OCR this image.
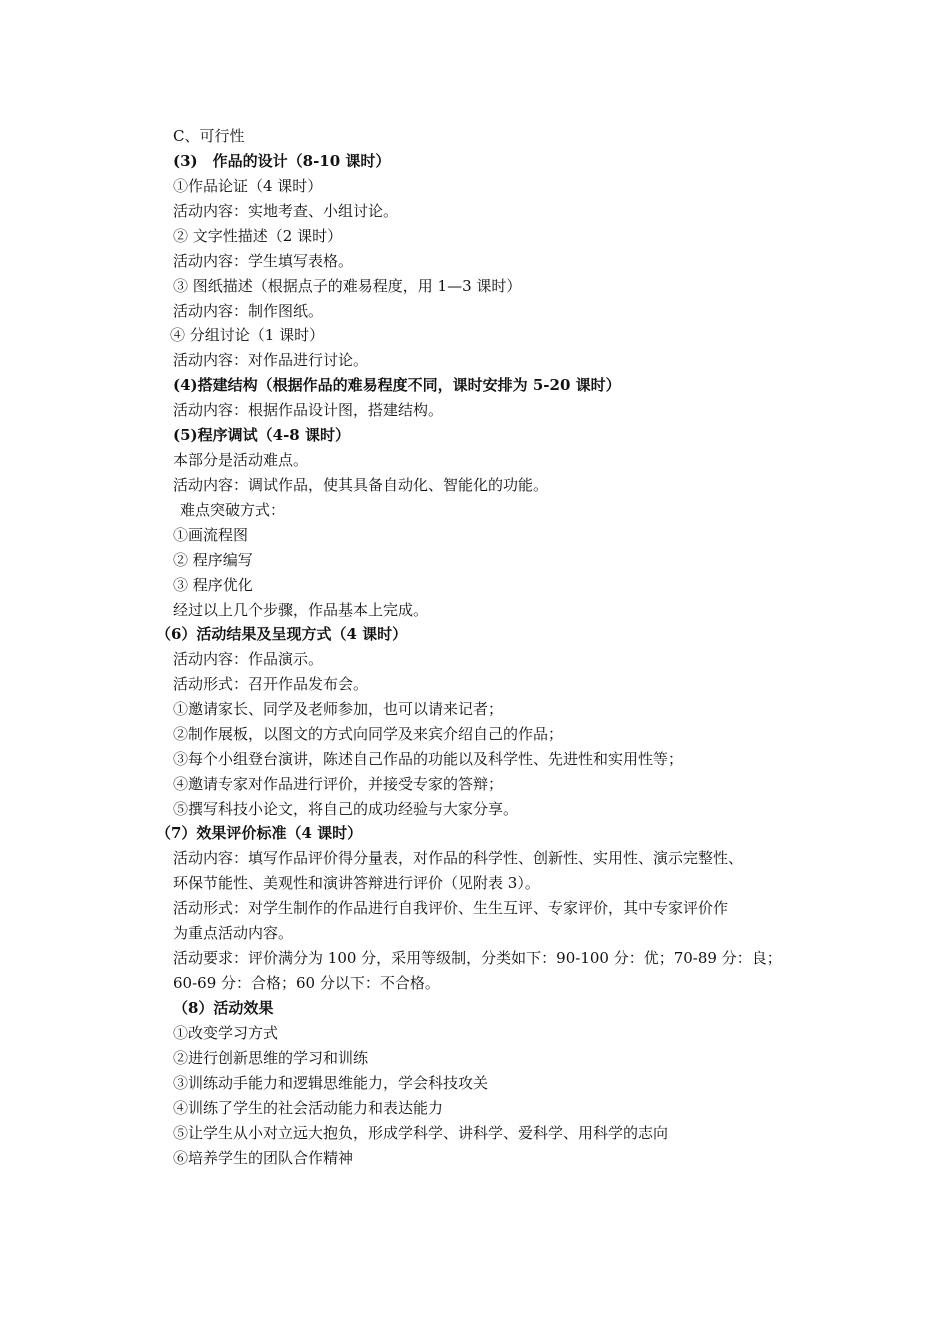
C、可行性
(3)　作品的设计（8-10 课时）
①作品论证（4 课时）
活动内容：实地考查、小组讨论。
② 文字性描述（2 课时）
活动内容：学生填写表格。
③ 图纸描述（根据点子的难易程度，用 1—3 课时）
活动内容：制作图纸。
④ 分组讨论（1 课时）
活动内容：对作品进行讨论。
(4)搭建结构（根据作品的难易程度不同，课时安排为 5-20 课时）
活动内容：根据作品设计图，搭建结构。
(5)程序调试（4-8 课时）
本部分是活动难点。
活动内容：调试作品，使其具备自动化、智能化的功能。
难点突破方式：
①画流程图
② 程序编写
③ 程序优化
经过以上几个步骤，作品基本上完成。
（6）活动结果及呈现方式（4 课时）
活动内容：作品演示。
活动形式：召开作品发布会。
①邀请家长、同学及老师参加，也可以请来记者；
②制作展板，以图文的方式向同学及来宾介绍自己的作品；
③每个小组登台演讲，陈述自己作品的功能以及科学性、先进性和实用性等；
④邀请专家对作品进行评价，并接受专家的答辩；
⑤撰写科技小论文，将自己的成功经验与大家分享。
（7）效果评价标准（4 课时）
活动内容：填写作品评价得分量表，对作品的科学性、创新性、实用性、演示完整性、
环保节能性、美观性和演讲答辩进行评价（见附表 3）。
活动形式：对学生制作的作品进行自我评价、生生互评、专家评价，其中专家评价作
为重点活动内容。
活动要求：评价满分为 100 分，采用等级制，分类如下：90-100 分：优；70-89 分：良；
60-69 分：合格；60 分以下：不合格。
（8）活动效果
①改变学习方式
②进行创新思维的学习和训练
③训练动手能力和逻辑思维能力，学会科技攻关
④训练了学生的社会活动能力和表达能力
⑤让学生从小对立远大抱负，形成学科学、讲科学、爱科学、用科学的志向
⑥培养学生的团队合作精神
